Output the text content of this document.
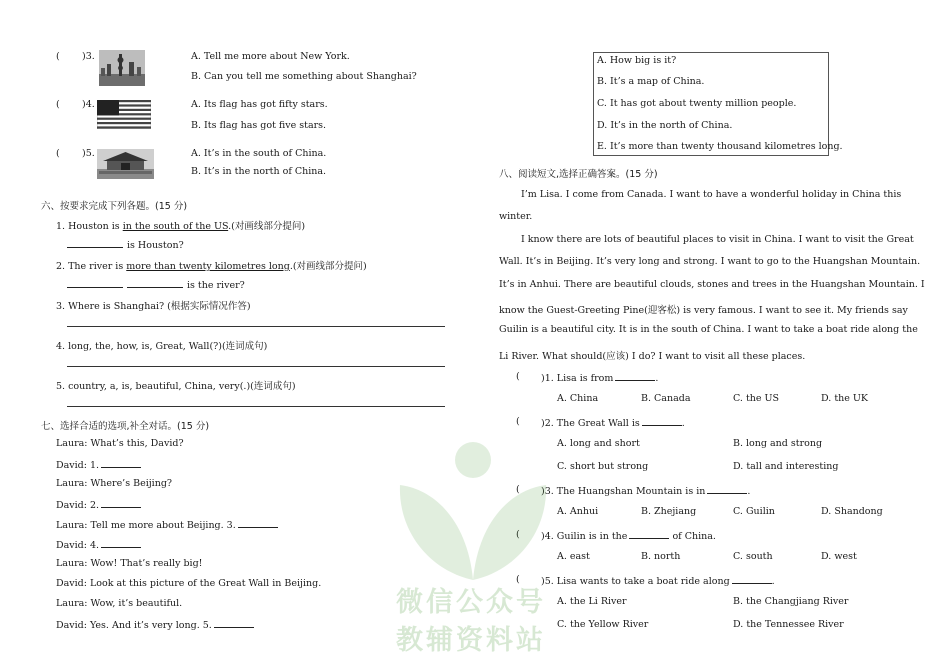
( )3.	A. Tell me more about New York.
B. Can you tell me something about Shanghai?
( )4.	A. Its flag has got fifty stars.
B. Its flag has got five stars.
( )5.	A. It’s in the south of China.
B. It’s in the north of China.
六、按要求完成下列各题。(15 分)
1. Houston is in the south of the US.(对画线部分提问)
is Houston?
2. The river is more than twenty kilometres long.(对画线部分提问)
is the river?
3. Where is Shanghai? (根据实际情况作答)
4. long, the, how, is, Great, Wall(?)(连词成句)
5. country, a, is, beautiful, China, very(.)(连词成句)
七、选择合适的选项,补全对话。(15 分)
Laura: What’s this, David?
David: 1.
Laura: Where’s Beijing?
David: 2.
Laura: Tell me more about Beijing. 3.
David: 4.
Laura: Wow! That’s really big!
David: Look at this picture of the Great Wall in Beijing.
Laura: Wow, it’s beautiful.
David: Yes. And it’s very long. 5.
A. How big is it?
B. It’s a map of China.
C. It has got about twenty million people.
D. It’s in the north of China.
E. It’s more than twenty thousand kilometres long.
八、阅读短文,选择正确答案。(15 分)
I’m Lisa. I come from Canada. I want to have a wonderful holiday in China this
winter.
I know there are lots of beautiful places to visit in China. I want to visit the Great
Wall. It’s in Beijing. It’s very long and strong. I want to go to the Huangshan Mountain.
It’s in Anhui. There are beautiful clouds, stones and trees in the Huangshan Mountain. I
know the Guest-Greeting Pine(迎客松) is very famous. I want to see it. My friends say
Guilin is a beautiful city. It is in the south of China. I want to take a boat ride along the
Li River. What should(应该) I do? I want to visit all these places.
( )1. Lisa is from	.
A. China	B. Canada	C. the US	D. the UK
( )2. The Great Wall is	.
A. long and short	B. long and strong
C. short but strong	D. tall and interesting
( )3. The Huangshan Mountain is in	.
A. Anhui	B. Zhejiang	C. Guilin	D. Shandong
( )4. Guilin is in the	of China.
A. east	B. north	C. south	D. west
( )5. Lisa wants to take a boat ride along	.
A. the Li River	B. the Changjiang River
C. the Yellow River	D. the Tennessee River
微信公众号
教辅资料站
